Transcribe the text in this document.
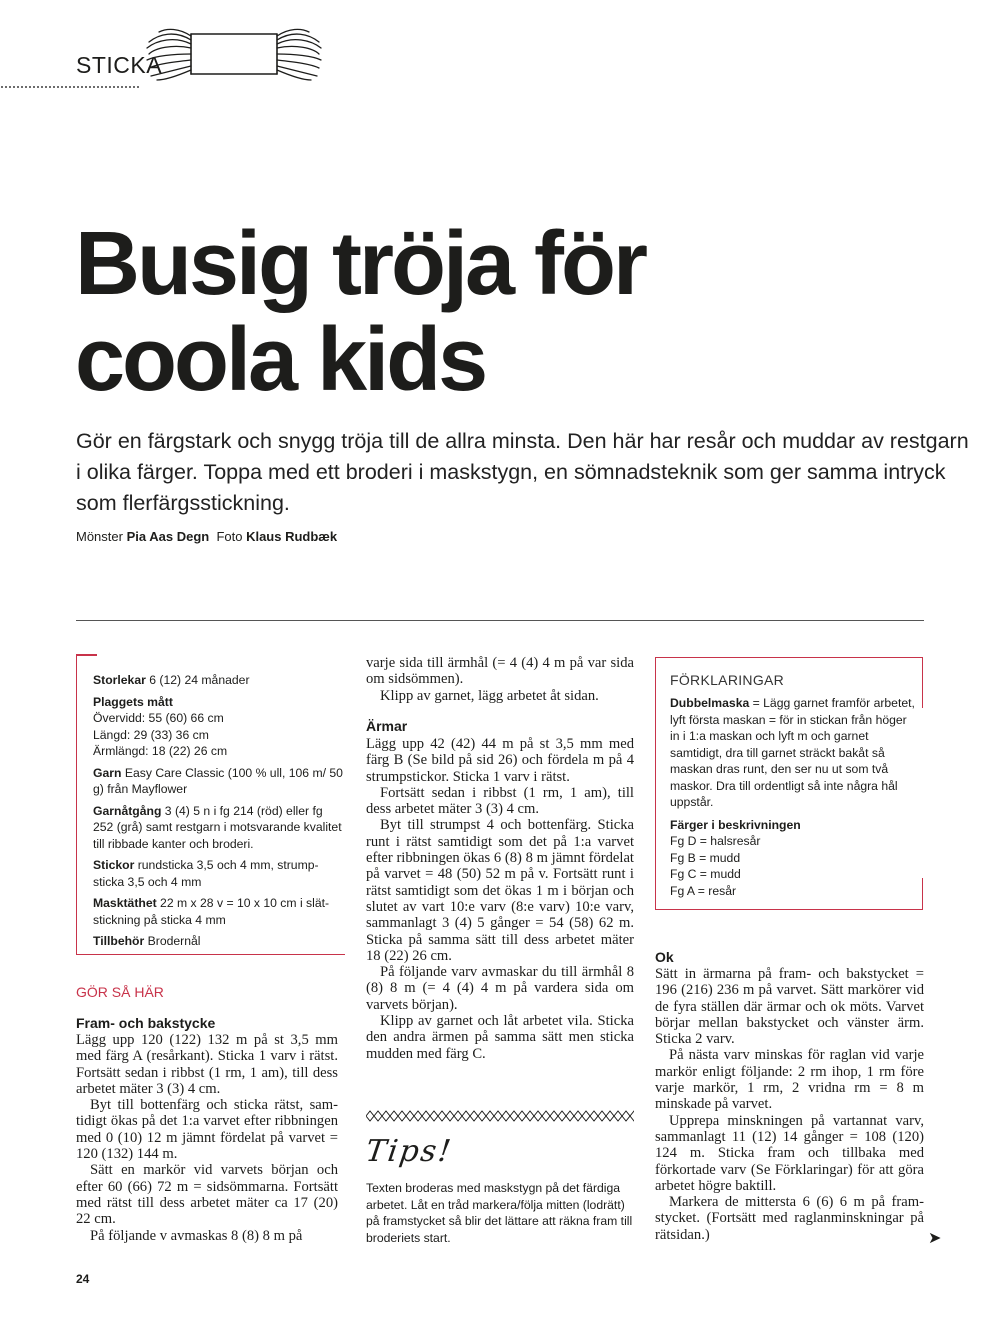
STICKA
Busig tröja för
coola kids

Gör en färgstark och snygg tröja till de allra minsta. Den här har resår och muddar av restgarn i olika färger. Toppa med ett broderi i maskstygn, en sömnadsteknik som ger samma intryck som flerfärgsstickning.

Mönster Pia Aas Degn Foto Klaus Rudbæk

Storlekar 6 (12) 24 månader

Plaggets mått
Övervidd: 55 (60) 66 cm
Längd: 29 (33) 36 cm
Ärmlängd: 18 (22) 26 cm

Garn Easy Care Classic (100 % ull, 106 m/ 50 g) från Mayflower

Garnåtgång 3 (4) 5 n i fg 214 (röd) eller fg 252 (grå) samt restgarn i motsvarande kvalitet till ribbade kanter och broderi.

Stickor rundsticka 3,5 och 4 mm, strumpsticka 3,5 och 4 mm

Masktäthet 22 m x 28 v = 10 x 10 cm i slätstickning på sticka 4 mm

Tillbehör Brodernål

GÖR SÅ HÄR
Fram- och bakstycke

Lägg upp 120 (122) 132 m på st 3,5 mm med färg A (resårkant). Sticka 1 varv i rätst. Fortsätt sedan i ribbst (1 rm, 1 am), till dess arbetet mäter 3 (3) 4 cm.

Byt till bottenfärg och sticka rätst, samtidigt ökas på det 1:a varvet efter ribbningen med 0 (10) 12 m jämnt fördelat på varvet = 120 (132) 144 m.

Sätt en markör vid varvets början och efter 60 (66) 72 m = sidsömmarna. Fortsätt med rätst till dess arbetet mäter ca 17 (20) 22 cm.

På följande v avmaskas 8 (8) 8 m på

varje sida till ärmhål (= 4 (4) 4 m på var sida om sidsömmen).

Klipp av garnet, lägg arbetet åt sidan.

Ärmar

Lägg upp 42 (42) 44 m på st 3,5 mm med färg B (Se bild på sid 26) och fördela m på 4 strumpstickor. Sticka 1 varv i rätst.

Fortsätt sedan i ribbst (1 rm, 1 am), till dess arbetet mäter 3 (3) 4 cm.

Byt till strumpst 4 och bottenfärg. Sticka runt i rätst samtidigt som det på 1:a varvet efter ribbningen ökas 6 (8) 8 m jämnt fördelat på varvet = 48 (50) 52 m på v. Fortsätt runt i rätst samtidigt som det ökas 1 m i början och slutet av vart 10:e varv (8:e varv) 10:e varv, sammanlagt 3 (4) 5 gånger = 54 (58) 62 m. Sticka på samma sätt till dess arbetet mäter 18 (22) 26 cm.

På följande varv avmaskar du till ärmhål 8 (8) 8 m (= 4 (4) 4 m på vardera sida om varvets början).

Klipp av garnet och låt arbetet vila. Sticka den andra ärmen på samma sätt men sticka mudden med färg C.

Tips!
Texten broderas med maskstygn på det färdiga arbetet. Låt en tråd markera/följa mitten (lodrätt) på framstycket så blir det lättare att räkna fram till broderiets start.
FÖRKLARINGAR

Dubbelmaska = Lägg garnet framför arbetet, lyft första maskan = för in stickan från höger in i 1:a maskan och lyft m och garnet samtidigt, dra till garnet sträckt bakåt så maskan dras runt, den ser nu ut som två maskor. Dra till ordentligt så inte några hål uppstår.

Färger i beskrivningen

Fg D = halsresår

Fg B = mudd

Fg C = mudd

Fg A = resår

Ok

Sätt in ärmarna på fram- och bakstycket = 196 (216) 236 m på varvet. Sätt markörer vid de fyra ställen där ärmar och ok möts. Varvet börjar mellan bakstycket och vänster ärm. Sticka 2 varv.

På nästa varv minskas för raglan vid varje markör enligt följande: 2 rm ihop, 1 rm före varje markör, 1 rm, 2 vridna rm = 8 m minskade på varvet.

Upprepa minskningen på vartannat varv, sammanlagt 11 (12) 14 gånger = 108 (120) 124 m. Sticka fram och tillbaka med förkortade varv (Se Förklaringar) för att göra arbetet högre baktill.

Markera de mittersta 6 (6) 6 m på framstycket. (Fortsätt med raglanminskningar på rätsidan.)	➤
24
